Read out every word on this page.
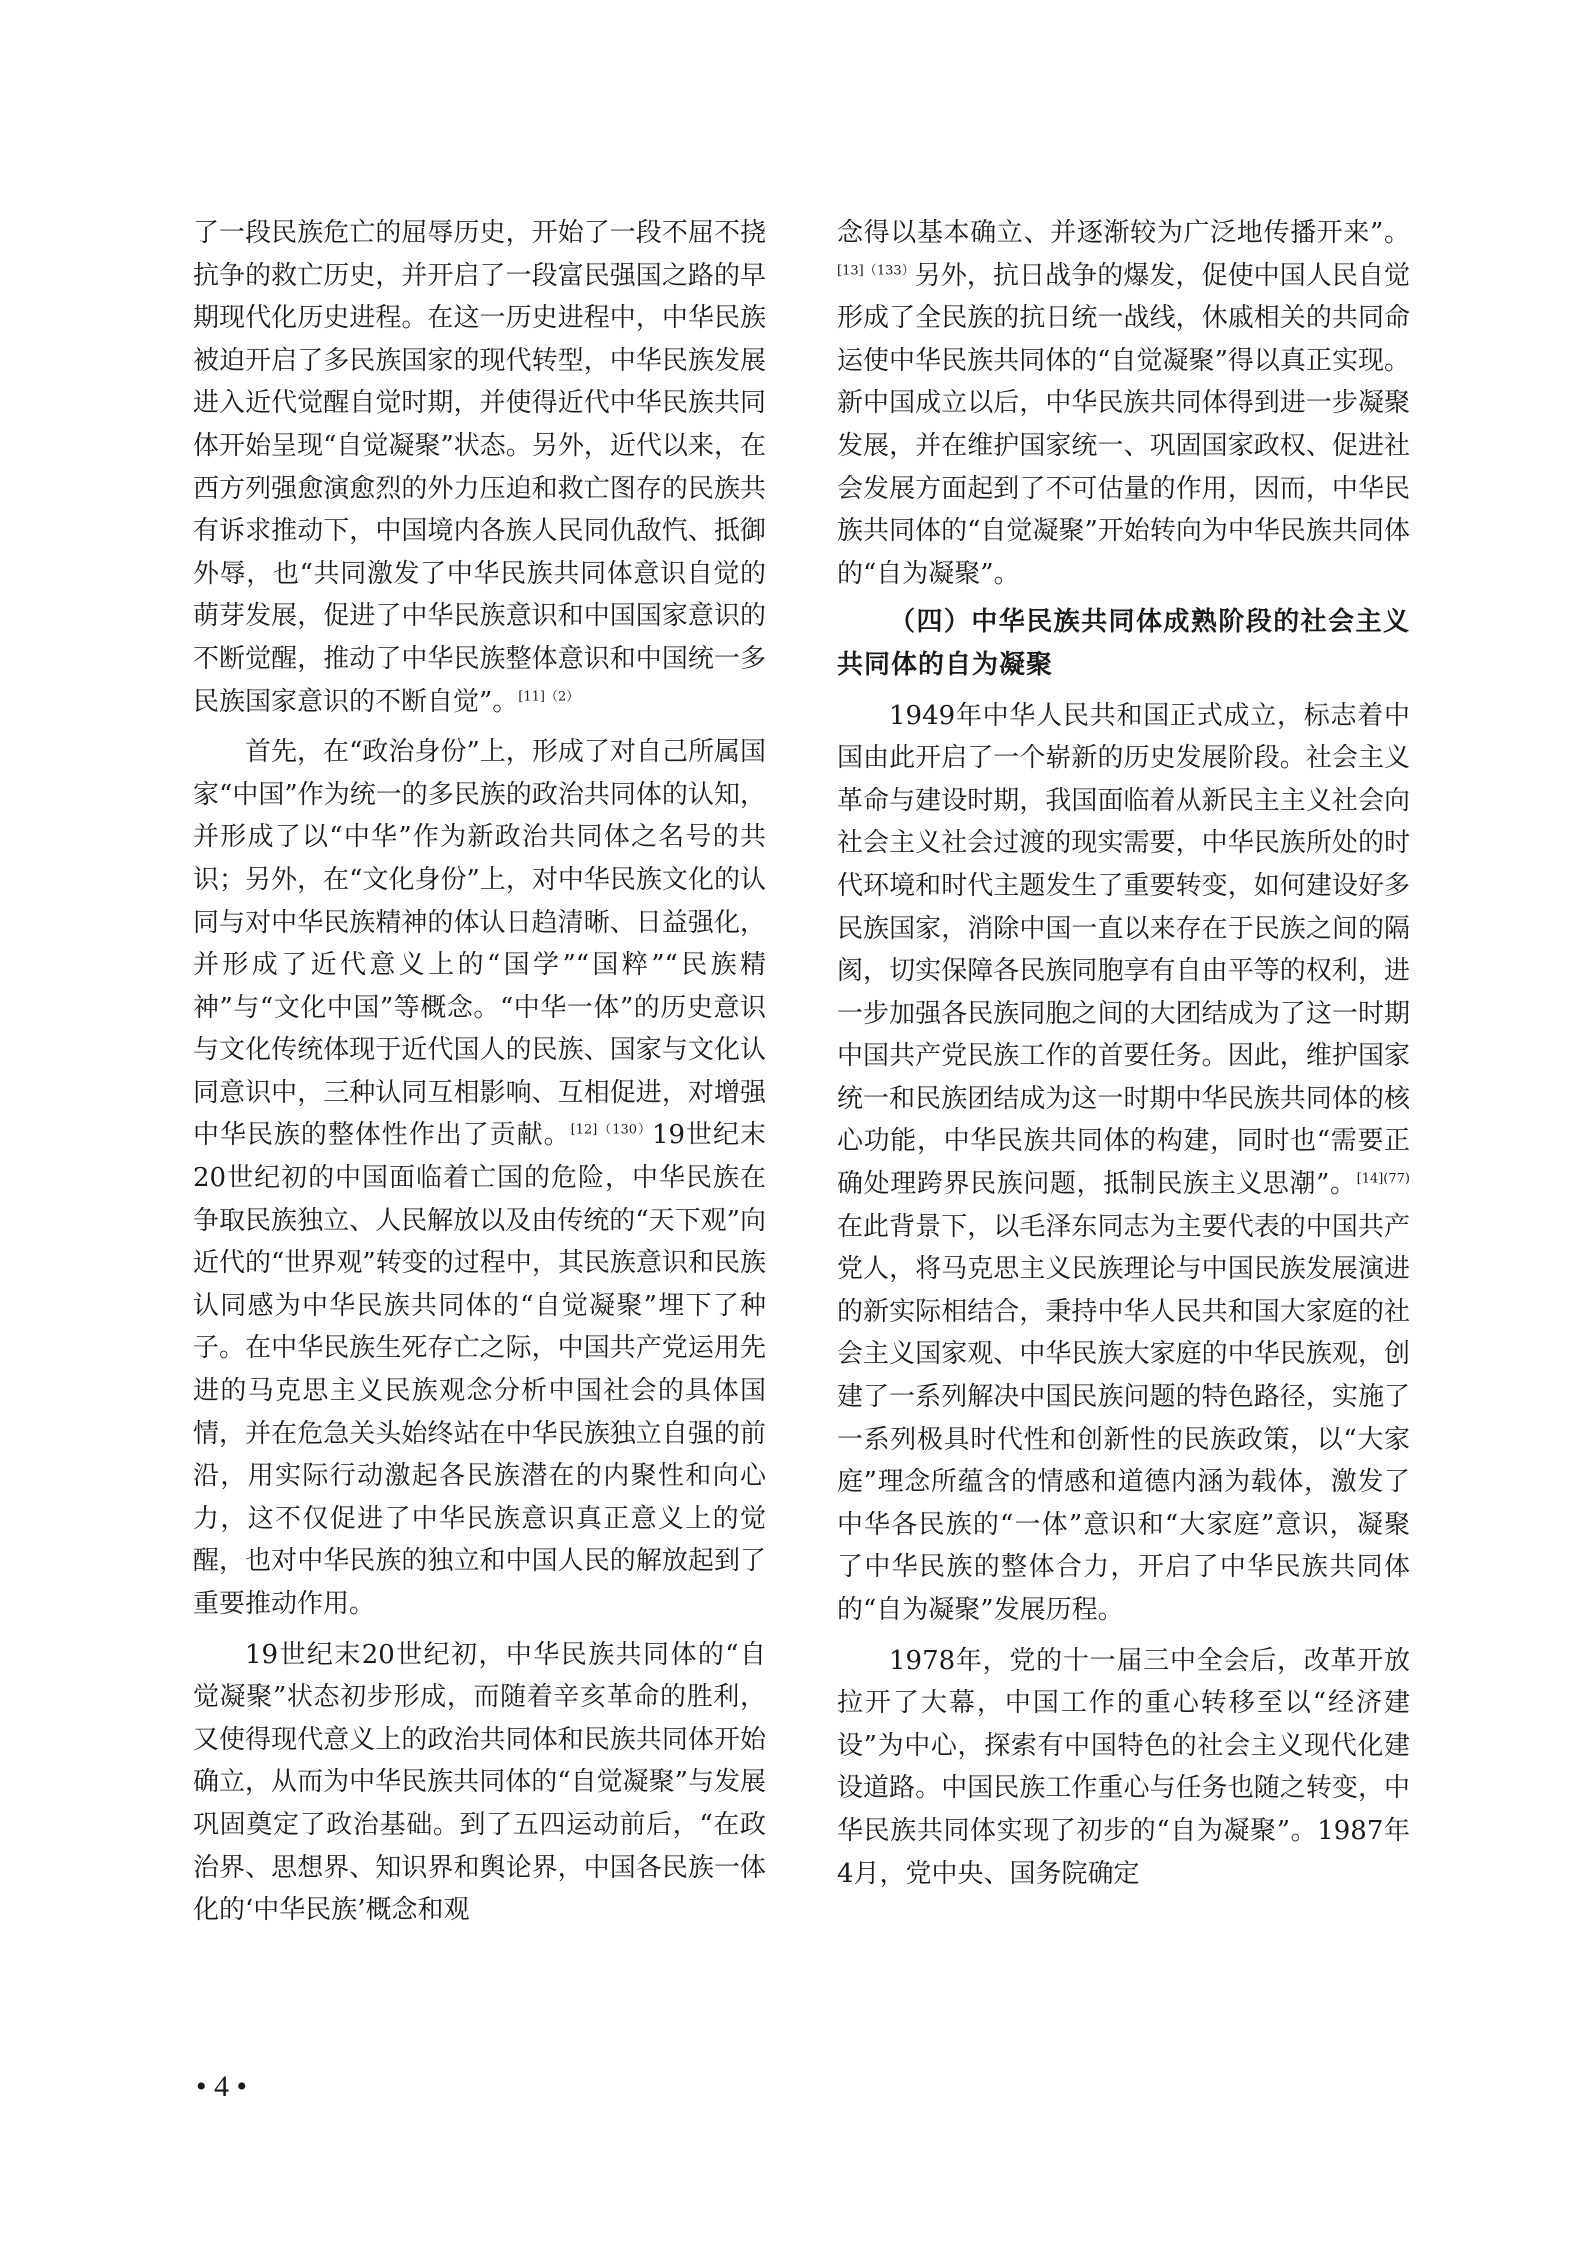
了一段民族危亡的屈辱历史，开始了一段不屈不挠抗争的救亡历史，并开启了一段富民强国之路的早期现代化历史进程。在这一历史进程中，中华民族被迫开启了多民族国家的现代转型，中华民族发展进入近代觉醒自觉时期，并使得近代中华民族共同体开始呈现“自觉凝聚”状态。另外，近代以来，在西方列强愈演愈烈的外力压迫和救亡图存的民族共有诉求推动下，中国境内各族人民同仇敌忾、抵御外辱，也“共同激发了中华民族共同体意识自觉的萌芽发展，促进了中华民族意识和中国国家意识的不断觉醒，推动了中华民族整体意识和中国统一多民族国家意识的不断自觉”。$^{[11](2)}$

首先，在“政治身份”上，形成了对自己所属国家“中国”作为统一的多民族的政治共同体的认知，并形成了以“中华”作为新政治共同体之名号的共识；另外，在“文化身份”上，对中华民族文化的认同与对中华民族精神的体认日趋清晰、日益强化，并形成了近代意义上的“国学”“国粹”“民族精神”与“文化中国”等概念。“中华一体”的历史意识与文化传统体现于近代国人的民族、国家与文化认同意识中，三种认同互相影响、互相促进，对增强中华民族的整体性作出了贡献。$^{[12](130)}$19世纪末20世纪初的中国面临着亡国的危险，中华民族在争取民族独立、人民解放以及由传统的“天下观”向近代的“世界观”转变的过程中，其民族意识和民族认同感为中华民族共同体的“自觉凝聚”埋下了种子。在中华民族生死存亡之际，中国共产党运用先进的马克思主义民族观念分析中国社会的具体国情，并在危急关头始终站在中华民族独立自强的前沿，用实际行动激起各民族潜在的内聚性和向心力，这不仅促进了中华民族意识真正意义上的觉醒，也对中华民族的独立和中国人民的解放起到了重要推动作用。

19世纪末20世纪初，中华民族共同体的“自觉凝聚”状态初步形成，而随着辛亥革命的胜利，又使得现代意义上的政治共同体和民族共同体开始确立，从而为中华民族共同体的“自觉凝聚”与发展巩固奠定了政治基础。到了五四运动前后，“在政治界、思想界、知识界和舆论界，中国各民族一体化的‘中华民族’概念和观

念得以基本确立、并逐渐较为广泛地传播开来”。$^{[13](133)}$另外，抗日战争的爆发，促使中国人民自觉形成了全民族的抗日统一战线，休戚相关的共同命运使中华民族共同体的“自觉凝聚”得以真正实现。新中国成立以后，中华民族共同体得到进一步凝聚发展，并在维护国家统一、巩固国家政权、促进社会发展方面起到了不可估量的作用，因而，中华民族共同体的“自觉凝聚”开始转向为中华民族共同体的“自为凝聚”。

（四）中华民族共同体成熟阶段的社会主义共同体的自为凝聚

1949年中华人民共和国正式成立，标志着中国由此开启了一个崭新的历史发展阶段。社会主义革命与建设时期，我国面临着从新民主主义社会向社会主义社会过渡的现实需要，中华民族所处的时代环境和时代主题发生了重要转变，如何建设好多民族国家，消除中国一直以来存在于民族之间的隔阂，切实保障各民族同胞享有自由平等的权利，进一步加强各民族同胞之间的大团结成为了这一时期中国共产党民族工作的首要任务。因此，维护国家统一和民族团结成为这一时期中华民族共同体的核心功能，中华民族共同体的构建，同时也“需要正确处理跨界民族问题，抵制民族主义思潮”。$^{[14](77)}$在此背景下，以毛泽东同志为主要代表的中国共产党人，将马克思主义民族理论与中国民族发展演进的新实际相结合，秉持中华人民共和国大家庭的社会主义国家观、中华民族大家庭的中华民族观，创建了一系列解决中国民族问题的特色路径，实施了一系列极具时代性和创新性的民族政策，以“大家庭”理念所蕴含的情感和道德内涵为载体，激发了中华各民族的“一体”意识和“大家庭”意识，凝聚了中华民族的整体合力，开启了中华民族共同体的“自为凝聚”发展历程。

1978年，党的十一届三中全会后，改革开放拉开了大幕，中国工作的重心转移至以“经济建设”为中心，探索有中国特色的社会主义现代化建设道路。中国民族工作重心与任务也随之转变，中华民族共同体实现了初步的“自为凝聚”。1987年4月，党中央、国务院确定

• 4 •
